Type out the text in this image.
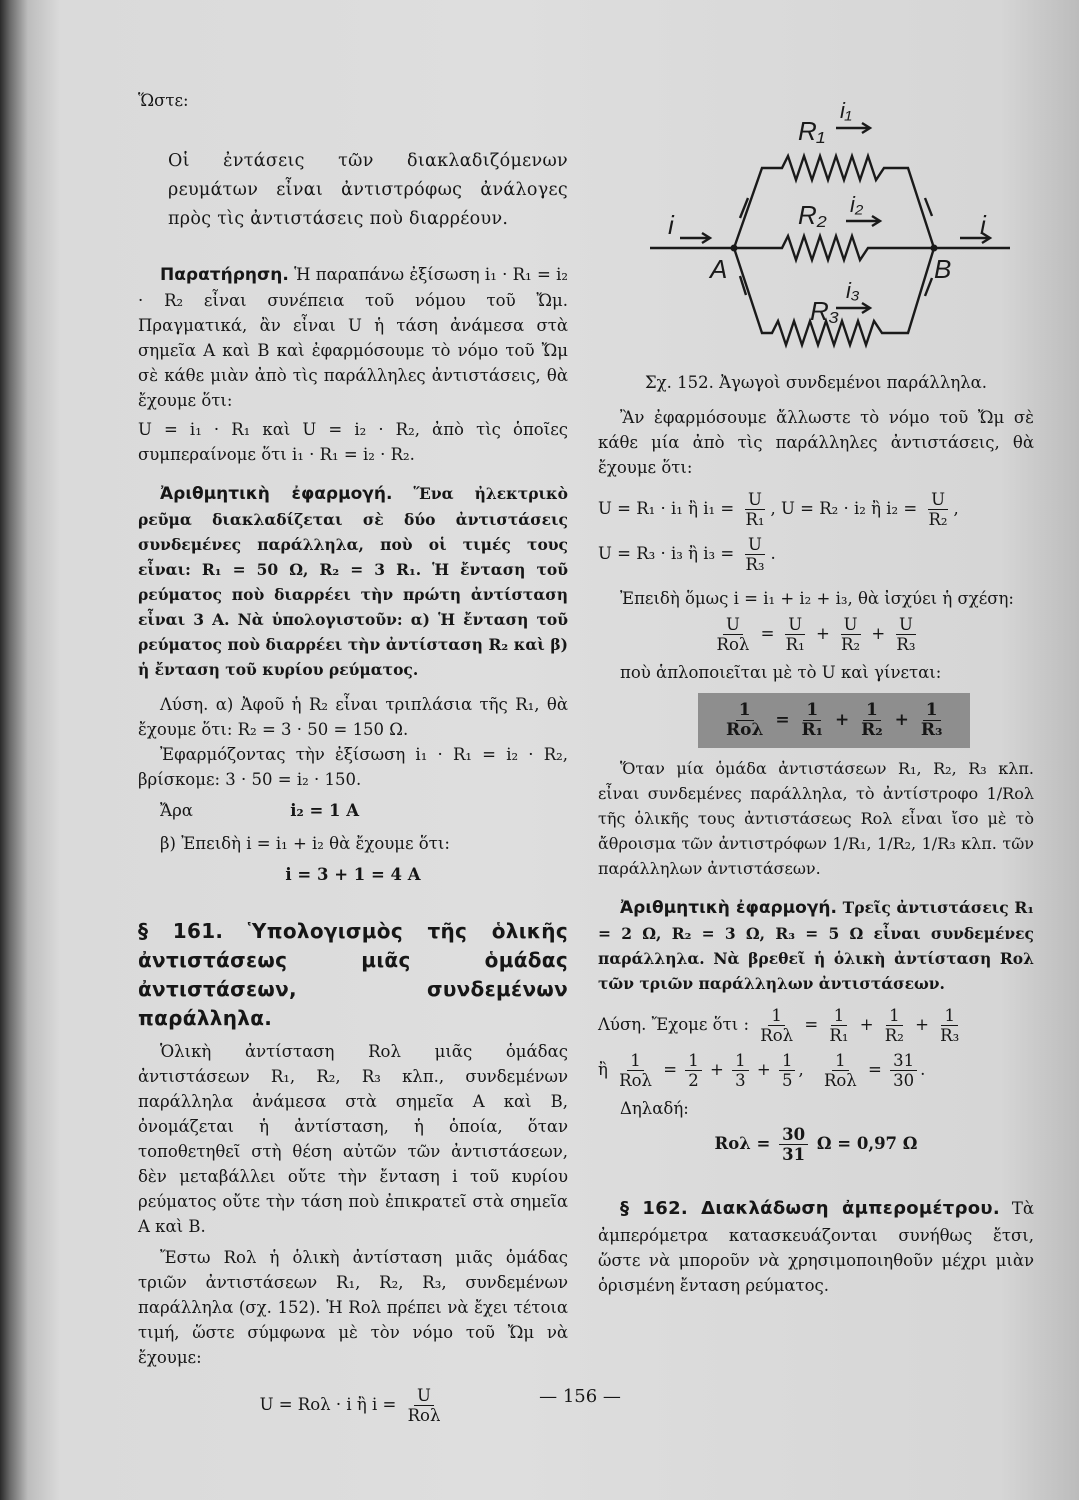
Ὥστε:

Οἱ ἐντάσεις τῶν διακλαδιζόμενων ρευμάτων εἶναι ἀντιστρόφως ἀνάλογες πρὸς τὶς ἀντιστάσεις ποὺ διαρρέουν.

Παρατήρηση. Ἡ παραπάνω ἐξίσωση i₁ · R₁ = i₂ · R₂ εἶναι συνέπεια τοῦ νόμου τοῦ Ὤμ. Πραγματικά, ἂν εἶναι U ἡ τάση ἀνάμεσα στὰ σημεῖα A καὶ B καὶ ἐφαρμόσουμε τὸ νόμο τοῦ Ὤμ σὲ κάθε μιὰν ἀπὸ τὶς παράλληλες ἀντιστάσεις, θὰ ἔχουμε ὅτι:

U = i₁ · R₁ καὶ U = i₂ · R₂, ἀπὸ τὶς ὁποῖες συμπεραίνομε ὅτι i₁ · R₁ = i₂ · R₂.

Ἀριθμητικὴ ἐφαρμογή. Ἕνα ἠλεκτρικὸ ρεῦμα διακλαδίζεται σὲ δύο ἀντιστάσεις συνδεμένες παράλληλα, ποὺ οἱ τιμές τους εἶναι: R₁ = 50 Ω, R₂ = 3 R₁. Ἡ ἔνταση τοῦ ρεύματος ποὺ διαρρέει τὴν πρώτη ἀντίσταση εἶναι 3 A. Νὰ ὑπολογιστοῦν: α) Ἡ ἔνταση τοῦ ρεύματος ποὺ διαρρέει τὴν ἀντίσταση R₂ καὶ β) ἡ ἔνταση τοῦ κυρίου ρεύματος.

Λύση. α) Ἀφοῦ ἡ R₂ εἶναι τριπλάσια τῆς R₁, θὰ ἔχουμε ὅτι: R₂ = 3 · 50 = 150 Ω.

Ἐφαρμόζοντας τὴν ἐξίσωση i₁ · R₁ = i₂ · R₂, βρίσκομε: 3 · 50 = i₂ · 150.

Ἄρα	i₂ = 1 A

β) Ἐπειδὴ i = i₁ + i₂ θὰ ἔχουμε ὅτι:

i = 3 + 1 = 4 A

§ 161. Ὑπολογισμὸς τῆς ὁλικῆς ἀντιστάσεως μιᾶς ὁμάδας ἀντιστάσεων, συνδεμένων παράλληλα.

Ὁλικὴ ἀντίσταση Rολ μιᾶς ὁμάδας ἀντιστάσεων R₁, R₂, R₃ κλπ., συνδεμένων παράλληλα ἀνάμεσα στὰ σημεῖα A καὶ B, ὀνομάζεται ἡ ἀντίσταση, ἡ ὁποία, ὅταν τοποθετηθεῖ στὴ θέση αὐτῶν τῶν ἀντιστάσεων, δὲν μεταβάλλει οὔτε τὴν ἔνταση i τοῦ κυρίου ρεύματος οὔτε τὴν τάση ποὺ ἐπικρατεῖ στὰ σημεῖα A καὶ B.

Ἔστω Rολ ἡ ὁλικὴ ἀντίσταση μιᾶς ὁμάδας τριῶν ἀντιστάσεων R₁, R₂, R₃, συνδεμένων παράλληλα (σχ. 152). Ἡ Rολ πρέπει νὰ ἔχει τέτοια τιμή, ὥστε σύμφωνα μὲ τὸν νόμο τοῦ Ὤμ νὰ ἔχουμε:

U = Rολ · i ἢ $i = \frac{U}{\text{Rολ}}$

R₁
i₁
R₂ i₂
R₃
i₃
i	i
A	B

Σχ. 152. Ἀγωγοὶ συνδεμένοι παράλληλα.

Ἂν ἐφαρμόσουμε ἄλλωστε τὸ νόμο τοῦ Ὤμ σὲ κάθε μία ἀπὸ τὶς παράλληλες ἀντιστάσεις, θὰ ἔχουμε ὅτι:

U = R₁ · i₁ ἢ $i_1 = \frac{U}{\text{R₁}}$ , U = R₂ · i₂ ἢ $i_2 = \frac{U}{\text{R₂}}$ ,

U = R₃ · i₃ ἢ $i_3 = \frac{U}{\text{R₃}}$ .

Ἐπειδὴ ὅμως i = i₁ + i₂ + i₃, θὰ ἰσχύει ἡ σχέση:

$\frac{U}{\text{Rολ}} = \frac{U}{\text{R₁}} + \frac{U}{\text{R₂}} + \frac{U}{\text{R₃}}$

ποὺ ἁπλοποιεῖται μὲ τὸ U καὶ γίνεται:

$\frac{1}{\text{Rολ}} = \frac{1}{\text{R₁}} + \frac{1}{\text{R₂}} + \frac{1}{\text{R₃}}$

Ὅταν μία ὁμάδα ἀντιστάσεων R₁, R₂, R₃ κλπ. εἶναι συνδεμένες παράλληλα, τὸ ἀντίστροφο 1/Rολ τῆς ὁλικῆς τους ἀντιστάσεως Rολ εἶναι ἴσο μὲ τὸ ἄθροισμα τῶν ἀντιστρόφων 1/R₁, 1/R₂, 1/R₃ κλπ. τῶν παράλληλων ἀντιστάσεων.

Ἀριθμητικὴ ἐφαρμογή. Τρεῖς ἀντιστάσεις R₁ = 2 Ω, R₂ = 3 Ω, R₃ = 5 Ω εἶναι συνδεμένες παράλληλα. Νὰ βρεθεῖ ἡ ὁλικὴ ἀντίσταση Rολ τῶν τριῶν παράλληλων ἀντιστάσεων.

Λύση. Ἔχομε ὅτι : $\frac{1}{\text{Rολ}} = \frac{1}{\text{R₁}} + \frac{1}{\text{R₂}} + \frac{1}{\text{R₃}}$

ἢ $\frac{1}{\text{Rολ}} = \frac{1}{2} + \frac{1}{3} + \frac{1}{5}$ , $\frac{1}{\text{Rολ}} = \frac{31}{30}$ .

Δηλαδή:

$Ro\lambda = \frac{30}{31}$ Ω = 0,97 Ω

§ 162. Διακλάδωση ἀμπερομέτρου. Τὰ ἀμπερόμετρα κατασκευάζονται συνήθως ἔτσι, ὥστε νὰ μποροῦν νὰ χρησιμοποιηθοῦν μέχρι μιὰν ὁρισμένη ἔνταση ρεύματος.

— 156 —
